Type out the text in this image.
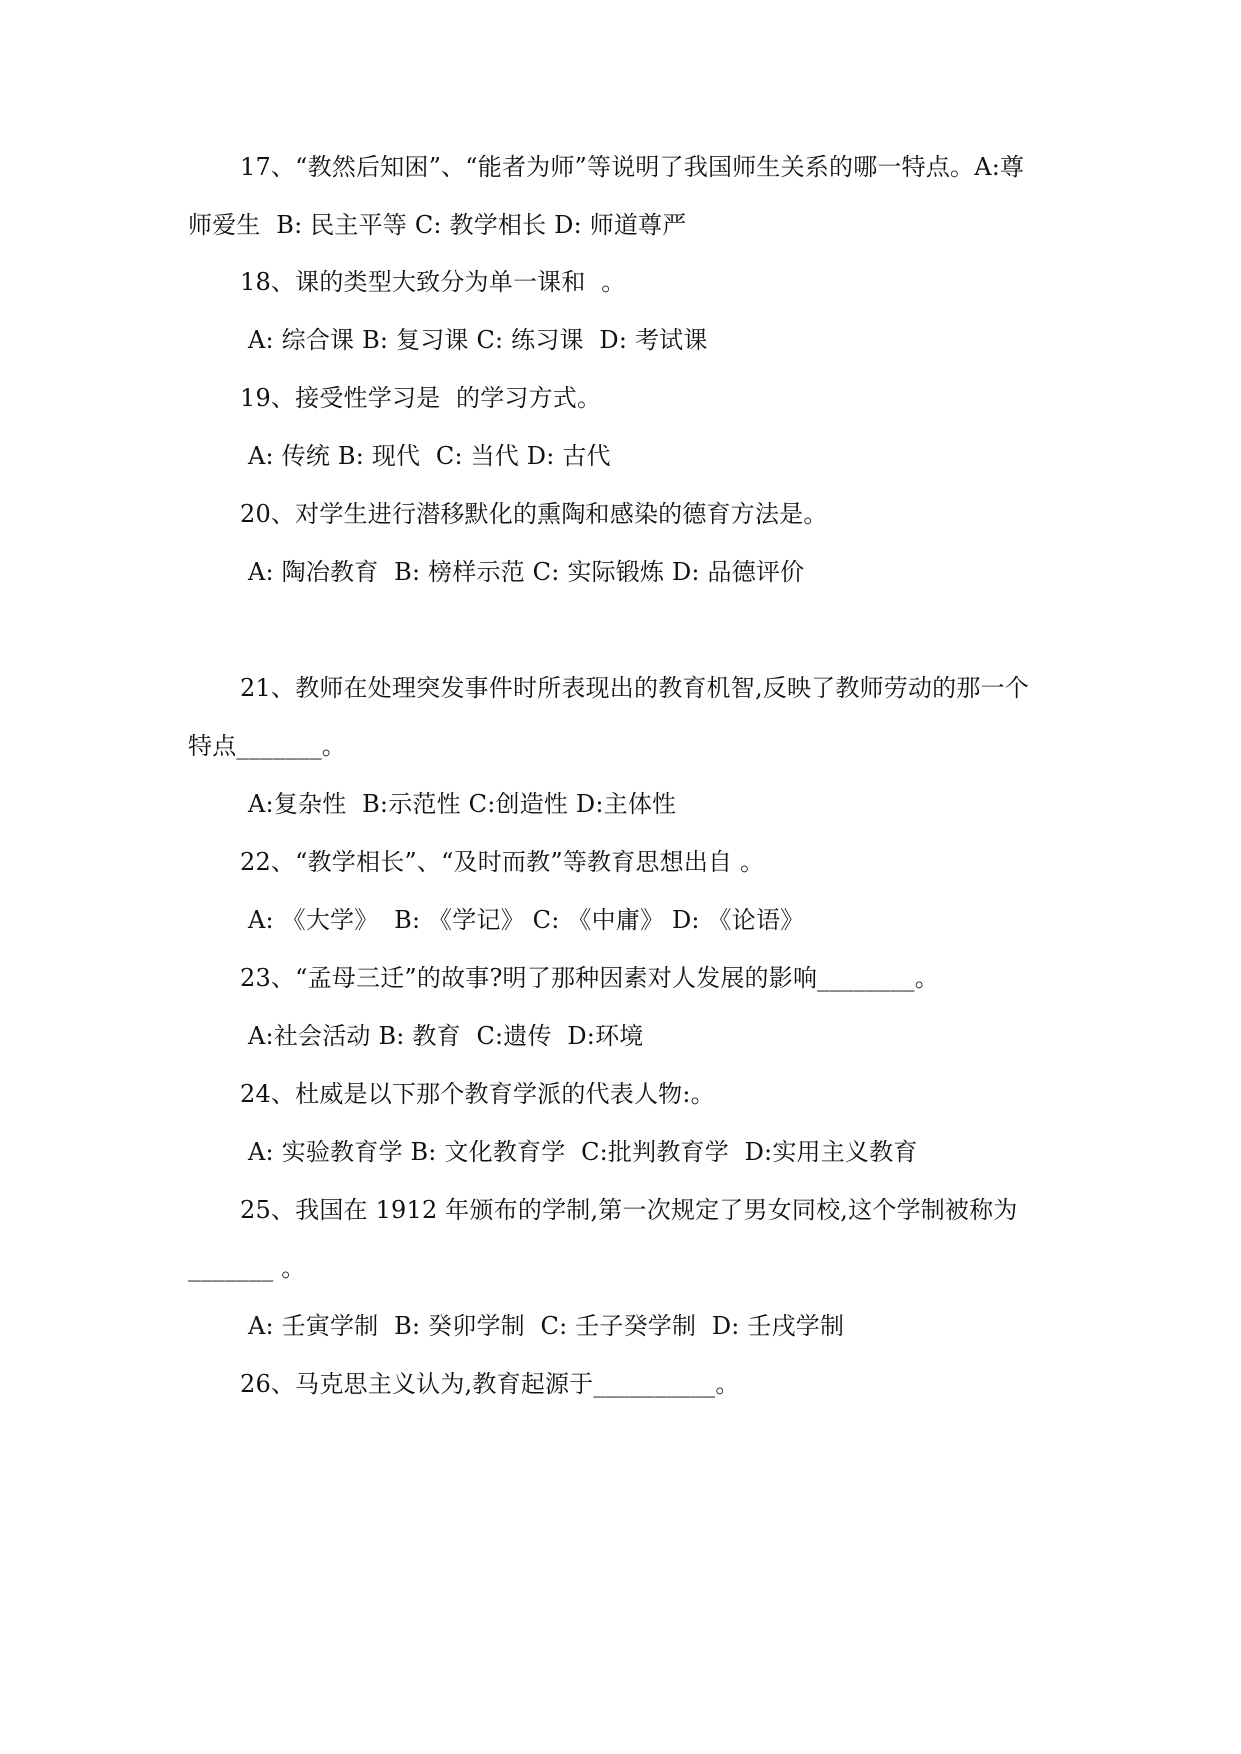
17、“教然后知困”、“能者为师”等说明了我国师生关系的哪一特点。A:尊
师爱生  B: 民主平等 C: 教学相长 D: 师道尊严
18、课的类型大致分为单一课和  。
A: 综合课 B: 复习课 C: 练习课  D: 考试课
19、接受性学习是  的学习方式。
A: 传统 B: 现代  C: 当代 D: 古代
20、对学生进行潜移默化的熏陶和感染的德育方法是。
A: 陶冶教育  B: 榜样示范 C: 实际锻炼 D: 品德评价
21、教师在处理突发事件时所表现出的教育机智,反映了教师劳动的那一个
特点_______。
A:复杂性  B:示范性 C:创造性 D:主体性
22、“教学相长”、“及时而教”等教育思想出自 。
A: 《大学》  B: 《学记》 C: 《中庸》 D: 《论语》
23、“孟母三迁”的故事?明了那种因素对人发展的影响________。
A:社会活动 B: 教育  C:遗传  D:环境
24、杜威是以下那个教育学派的代表人物:。
A: 实验教育学 B: 文化教育学  C:批判教育学  D:实用主义教育
25、我国在 1912 年颁布的学制,第一次规定了男女同校,这个学制被称为
_______ 。
A: 壬寅学制  B: 癸卯学制  C: 壬子癸学制  D: 壬戌学制
26、马克思主义认为,教育起源于__________。
